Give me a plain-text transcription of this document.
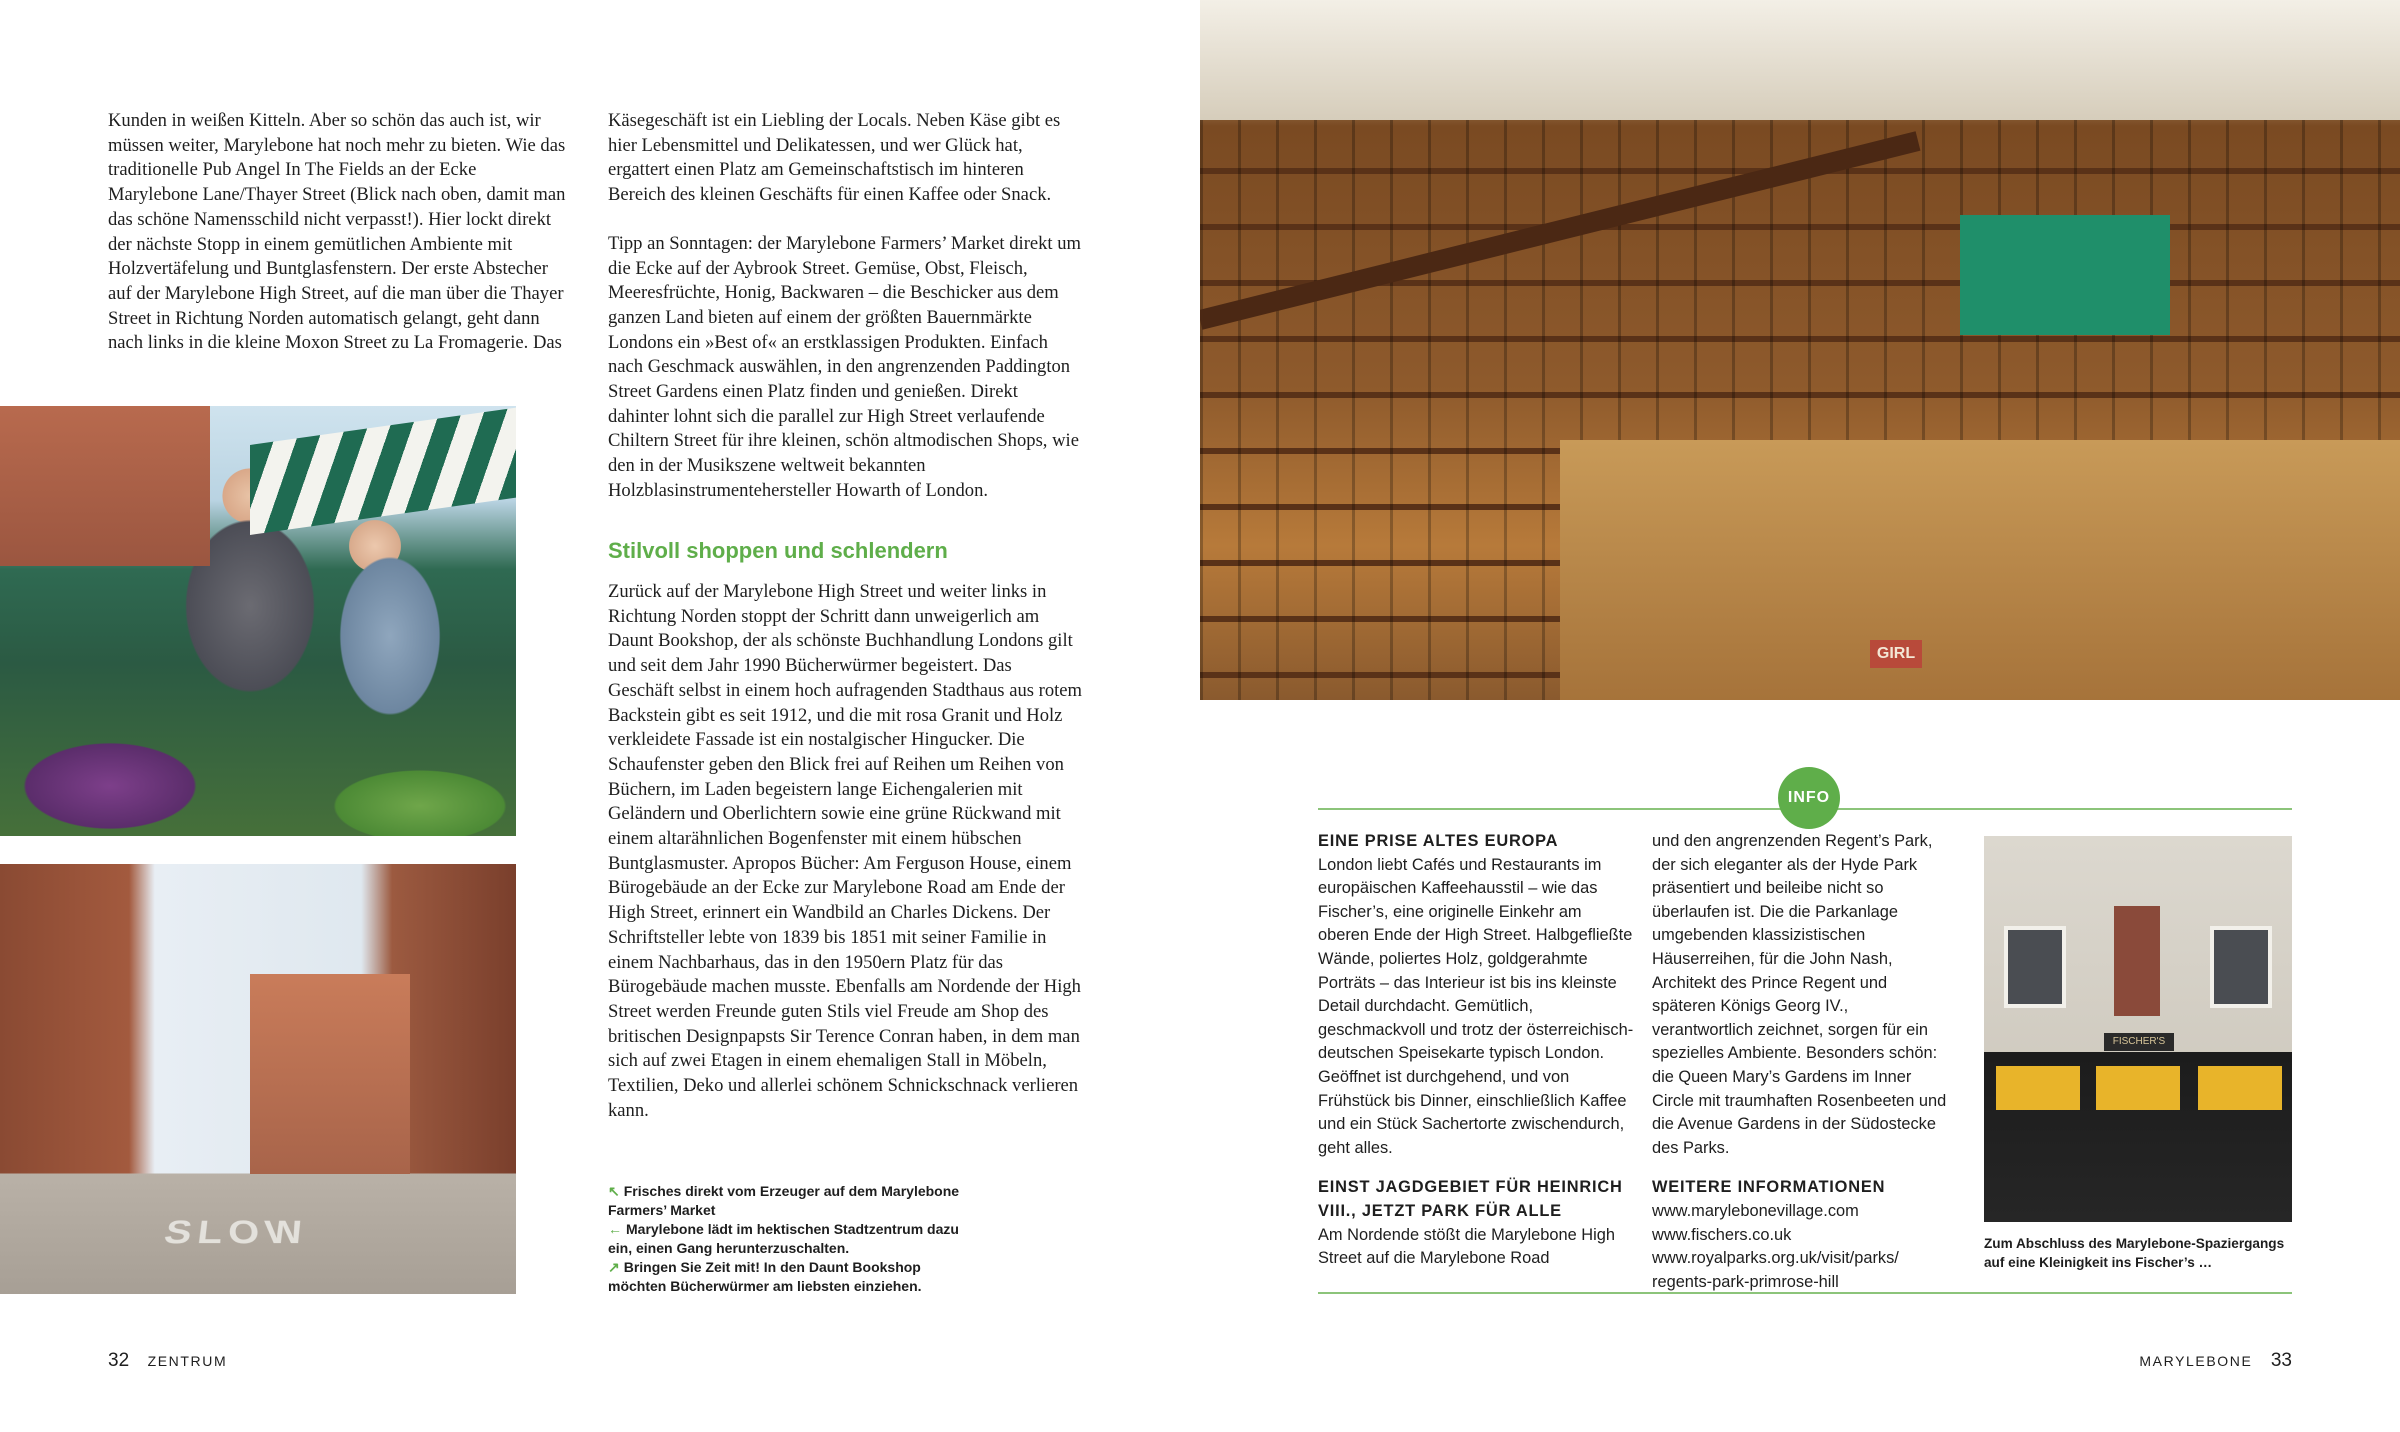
Kunden in weißen Kitteln. Aber so schön das auch ist, wir müssen weiter, Marylebone hat noch mehr zu bieten. Wie das traditionelle Pub Angel In The Fields an der Ecke Marylebone Lane/Thayer Street (Blick nach oben, damit man das schöne Namensschild nicht verpasst!). Hier lockt direkt der nächste Stopp in einem gemütlichen Ambiente mit Holzvertäfelung und Buntglasfenstern. Der erste Abstecher auf der Marylebone High Street, auf die man über die Thayer Street in Richtung Norden automatisch gelangt, geht dann nach links in die kleine Moxon Street zu La Fromagerie. Das

Käsegeschäft ist ein Liebling der Locals. Neben Käse gibt es hier Lebensmittel und Delikatessen, und wer Glück hat, ergattert einen Platz am Gemeinschaftstisch im hinteren Bereich des kleinen Geschäfts für einen Kaffee oder Snack.

Tipp an Sonntagen: der Marylebone Farmers’ Market direkt um die Ecke auf der Aybrook Street. Gemüse, Obst, Fleisch, Meeresfrüchte, Honig, Backwaren – die Beschicker aus dem ganzen Land bieten auf einem der größten Bauernmärkte Londons ein »Best of« an erstklassigen Produkten. Einfach nach Geschmack auswählen, in den angrenzenden Paddington Street Gardens einen Platz finden und genießen. Direkt dahinter lohnt sich die parallel zur High Street verlaufende Chiltern Street für ihre kleinen, schön altmodischen Shops, wie den in der Musikszene weltweit bekannten Holzblasinstrumentehersteller Howarth of London.

Stilvoll shoppen und schlendern

Zurück auf der Marylebone High Street und weiter links in Richtung Norden stoppt der Schritt dann unweigerlich am Daunt Bookshop, der als schönste Buchhandlung Londons gilt und seit dem Jahr 1990 Bücherwürmer begeistert. Das Geschäft selbst in einem hoch aufragenden Stadthaus aus rotem Backstein gibt es seit 1912, und die mit rosa Granit und Holz verkleidete Fassade ist ein nostalgischer Hingucker. Die Schaufenster geben den Blick frei auf Reihen um Reihen von Büchern, im Laden begeistern lange Eichengalerien mit Geländern und Oberlichtern sowie eine grüne Rückwand mit einem altarähnlichen Bogenfenster mit einem hübschen Buntglasmuster. Apropos Bücher: Am Ferguson House, einem Bürogebäude an der Ecke zur Marylebone Road am Ende der High Street, erinnert ein Wandbild an Charles Dickens. Der Schriftsteller lebte von 1839 bis 1851 mit seiner Familie in einem Nachbarhaus, das in den 1950ern Platz für das Bürogebäude machen musste. Ebenfalls am Nordende der High Street werden Freunde guten Stils viel Freude am Shop des britischen Designpapsts Sir Terence Conran haben, in dem man sich auf zwei Etagen in einem ehemaligen Stall in Möbeln, Textilien, Deko und allerlei schönem Schnickschnack verlieren kann.

SLOW
↖ Frisches direkt vom Erzeuger auf dem Marylebone Farmers’ Market
← Marylebone lädt im hektischen Stadtzentrum dazu ein, einen Gang herunterzuschalten.
↗ Bringen Sie Zeit mit! In den Daunt Bookshop möchten Bücherwürmer am liebsten einziehen.
32 ZENTRUM
GIRL
INFO
EINE PRISE ALTES EUROPA
London liebt Cafés und Restaurants im europäischen Kaffeehausstil – wie das Fischer’s, eine originelle Einkehr am oberen Ende der High Street. Halbgefließte Wände, poliertes Holz, goldgerahmte Porträts – das Interieur ist bis ins kleinste Detail durchdacht. Gemütlich, geschmackvoll und trotz der österreichisch-deutschen Speisekarte typisch London. Geöffnet ist durchgehend, und von Frühstück bis Dinner, einschließlich Kaffee und ein Stück Sachertorte zwischendurch, geht alles.
EINST JAGDGEBIET FÜR HEINRICH VIII., JETZT PARK FÜR ALLE
Am Nordende stößt die Marylebone High Street auf die Marylebone Road
und den angrenzenden Regent’s Park, der sich eleganter als der Hyde Park präsentiert und beileibe nicht so überlaufen ist. Die die Parkanlage umgebenden klassizistischen Häuserreihen, für die John Nash, Architekt des Prince Regent und späteren Königs Georg IV., verantwortlich zeichnet, sorgen für ein spezielles Ambiente. Besonders schön: die Queen Mary’s Gardens im Inner Circle mit traumhaften Rosenbeeten und die Avenue Gardens in der Südostecke des Parks.
WEITERE INFORMATIONEN
www.marylebonevillage.com
www.fischers.co.uk
www.royalparks.org.uk/visit/parks/
regents-park-primrose-hill
FISCHER'S
Zum Abschluss des Marylebone-Spaziergangs auf eine Kleinigkeit ins Fischer’s …
MARYLEBONE 33
